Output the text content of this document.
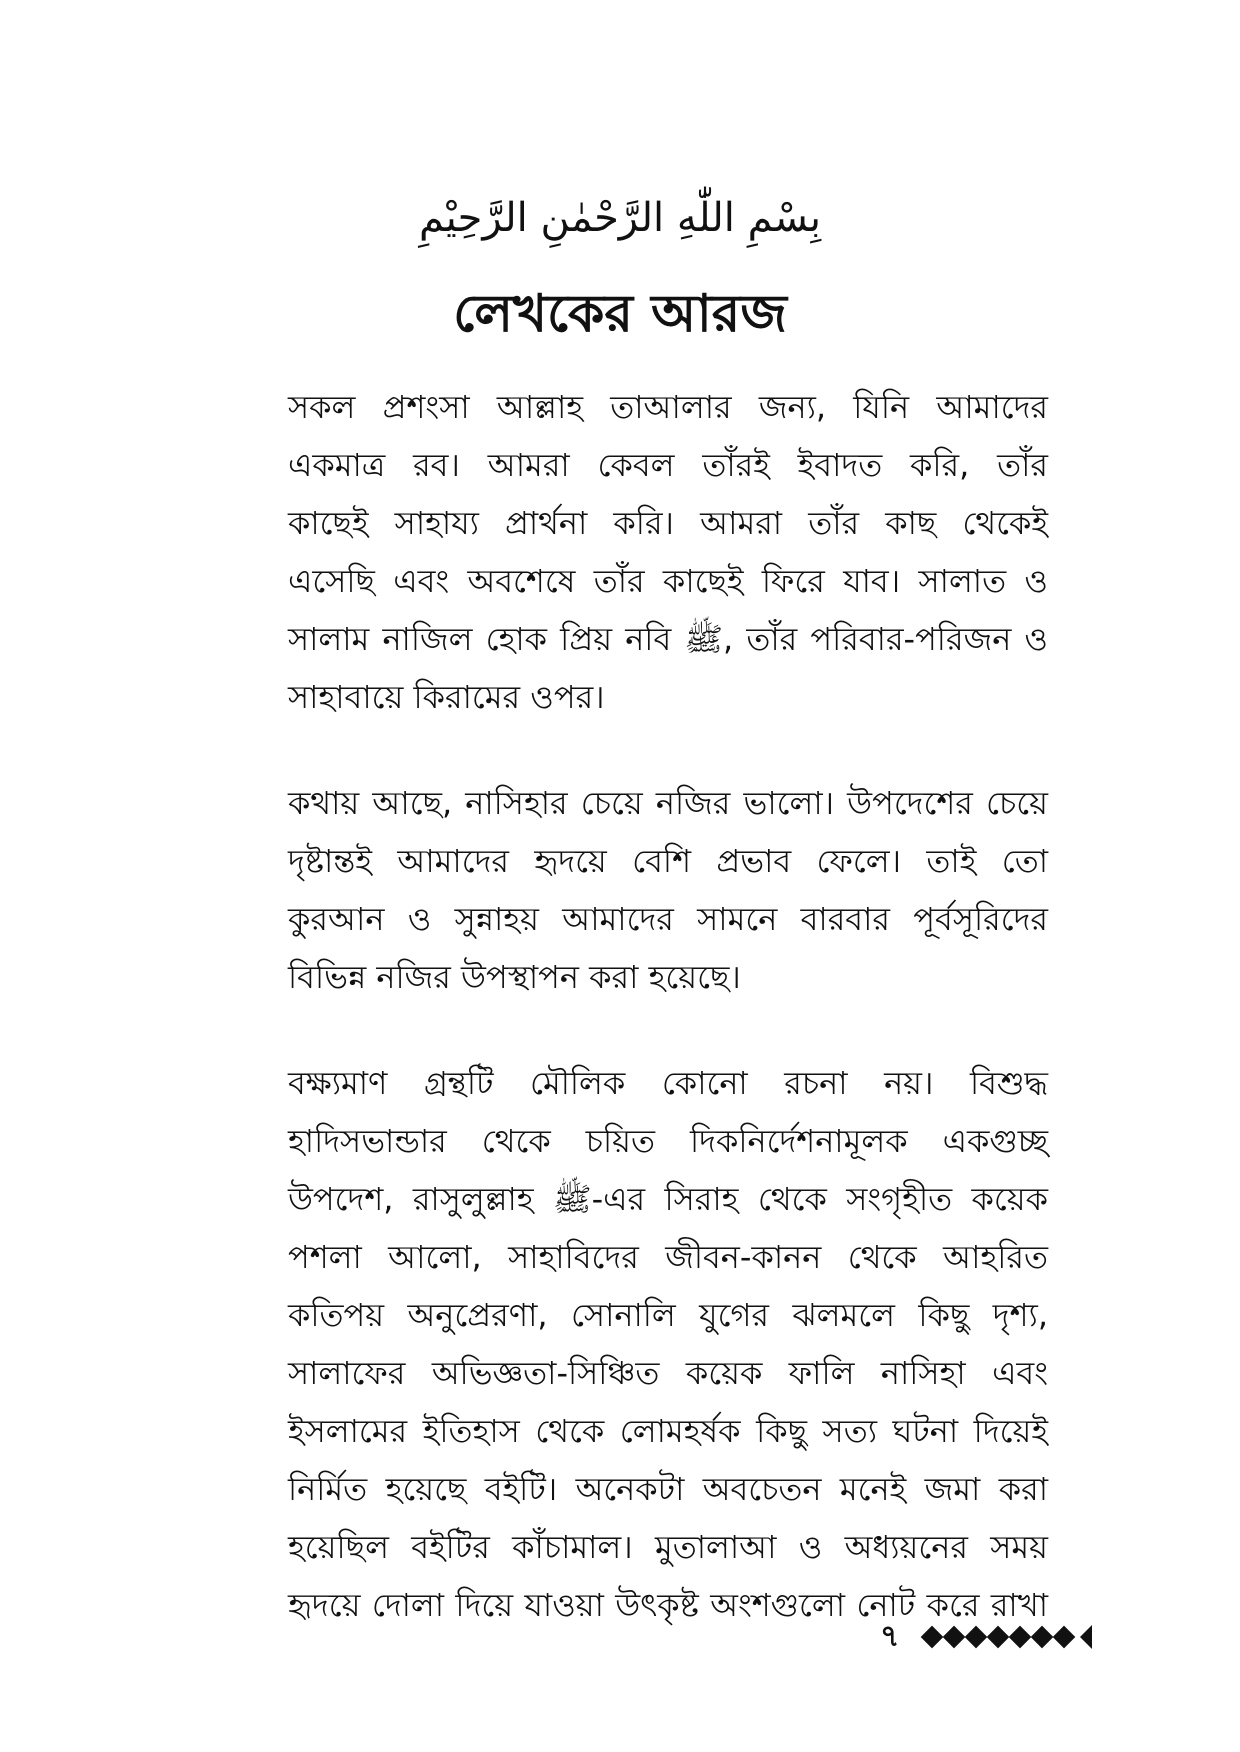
بِسْمِ اللّٰهِ الرَّحْمٰنِ الرَّحِيْمِ
লেখকের আরজ

সকল প্রশংসা আল্লাহ তাআলার জন্য, যিনি আমাদের
একমাত্র রব। আমরা কেবল তাঁরই ইবাদত করি, তাঁর
কাছেই সাহায্য প্রার্থনা করি। আমরা তাঁর কাছ থেকেই
এসেছি এবং অবশেষে তাঁর কাছেই ফিরে যাব। সালাত ও
সালাম নাজিল হোক প্রিয় নবি ﷺ, তাঁর পরিবার-পরিজন ও
সাহাবায়ে কিরামের ওপর।

কথায় আছে, নাসিহার চেয়ে নজির ভালো। উপদেশের চেয়ে
দৃষ্টান্তই আমাদের হৃদয়ে বেশি প্রভাব ফেলে। তাই তো
কুরআন ও সুন্নাহয় আমাদের সামনে বারবার পূর্বসূরিদের
বিভিন্ন নজির উপস্থাপন করা হয়েছে।

বক্ষ্যমাণ গ্রন্থটি মৌলিক কোনো রচনা নয়। বিশুদ্ধ
হাদিসভান্ডার থেকে চয়িত দিকনির্দেশনামূলক একগুচ্ছ
উপদেশ, রাসুলুল্লাহ ﷺ-এর সিরাহ থেকে সংগৃহীত কয়েক
পশলা আলো, সাহাবিদের জীবন-কানন থেকে আহরিত
কতিপয় অনুপ্রেরণা, সোনালি যুগের ঝলমলে কিছু দৃশ্য,
সালাফের অভিজ্ঞতা-সিঞ্চিত কয়েক ফালি নাসিহা এবং
ইসলামের ইতিহাস থেকে লোমহর্ষক কিছু সত্য ঘটনা দিয়েই
নির্মিত হয়েছে বইটি। অনেকটা অবচেতন মনেই জমা করা
হয়েছিল বইটির কাঁচামাল। মুতালাআ ও অধ্যয়নের সময়
হৃদয়ে দোলা দিয়ে যাওয়া উৎকৃষ্ট অংশগুলো নোট করে রাখা

৭
